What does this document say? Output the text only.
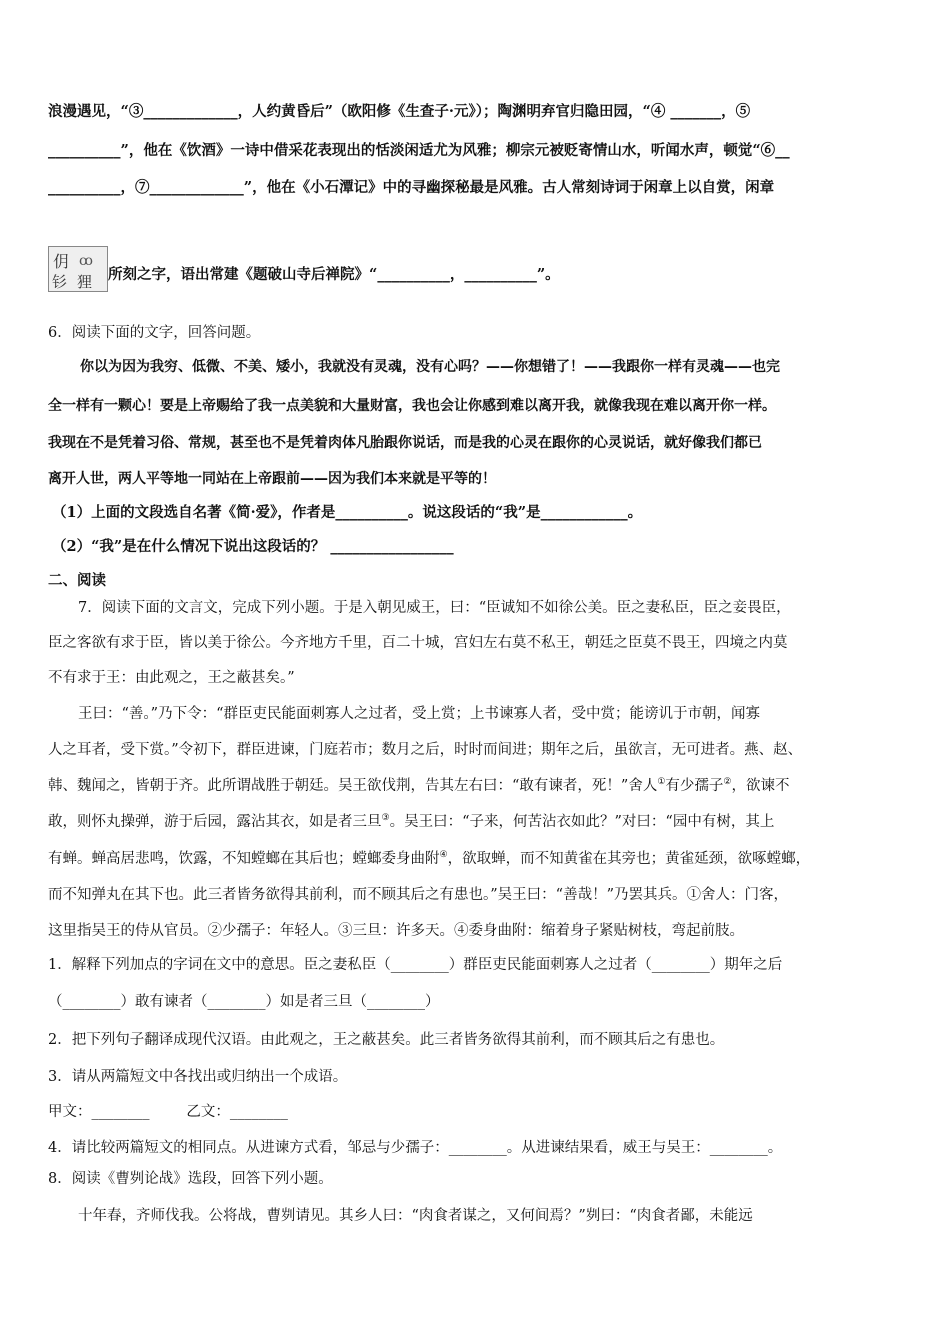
浪漫遇见，“③_____________，人约黄昏后”（欧阳修《生查子·元》）；陶渊明弃官归隐田园，“④ _______，⑤
__________”，他在《饮酒》一诗中借采花表现出的恬淡闲适尤为风雅；柳宗元被贬寄情山水，听闻水声，顿觉“⑥__
__________，⑦_____________”，他在《小石潭记》中的寻幽探秘最是风雅。古人常刻诗词于闲章上以自赏，闲章
仴 ꝏ
钐 狸 所刻之字，语出常建《题破山寺后禅院》“__________，__________”。
6．阅读下面的文字，回答问题。
你以为因为我穷、低微、不美、矮小，我就没有灵魂，没有心吗？——你想错了！——我跟你一样有灵魂——也完
全一样有一颗心！要是上帝赐给了我一点美貌和大量财富，我也会让你感到难以离开我，就像我现在难以离开你一样。
我现在不是凭着习俗、常规，甚至也不是凭着肉体凡胎跟你说话，而是我的心灵在跟你的心灵说话，就好像我们都已
离开人世，两人平等地一同站在上帝跟前——因为我们本来就是平等的！
（1）上面的文段选自名著《简·爱》，作者是__________。说这段话的“我”是____________。
（2）“我”是在什么情况下说出这段话的？ _________________
二、阅读
7．阅读下面的文言文，完成下列小题。于是入朝见威王，曰：“臣诚知不如徐公美。臣之妻私臣，臣之妾畏臣，
臣之客欲有求于臣，皆以美于徐公。今齐地方千里，百二十城，宫妇左右莫不私王，朝廷之臣莫不畏王，四境之内莫
不有求于王：由此观之，王之蔽甚矣。”
王曰：“善。”乃下令：“群臣吏民能面刺寡人之过者，受上赏；上书谏寡人者，受中赏；能谤讥于市朝，闻寡
人之耳者，受下赏。”令初下，群臣进谏，门庭若市；数月之后，时时而间进；期年之后，虽欲言，无可进者。燕、赵、
韩、魏闻之，皆朝于齐。此所谓战胜于朝廷。吴王欲伐荆，告其左右曰：“敢有谏者，死！”舍人①有少孺子②，欲谏不
敢，则怀丸操弹，游于后园，露沾其衣，如是者三旦③。吴王曰：“子来，何苦沾衣如此？”对曰：“园中有树，其上
有蝉。蝉高居悲鸣，饮露，不知螳螂在其后也；螳螂委身曲附④，欲取蝉，而不知黄雀在其旁也；黄雀延颈，欲啄螳螂，
而不知弹丸在其下也。此三者皆务欲得其前利，而不顾其后之有患也。”吴王曰：“善哉！”乃罢其兵。①舍人：门客，
这里指吴王的侍从官员。②少孺子：年轻人。③三旦：许多天。④委身曲附：缩着身子紧贴树枝，弯起前肢。
1．解释下列加点的字词在文中的意思。臣之妻私臣（________）群臣吏民能面刺寡人之过者（________）期年之后
（________）敢有谏者（________）如是者三旦（________）
2．把下列句子翻译成现代汉语。由此观之，王之蔽甚矣。此三者皆务欲得其前利，而不顾其后之有患也。
3．请从两篇短文中各找出或归纳出一个成语。
甲文：________        乙文：________
4．请比较两篇短文的相同点。从进谏方式看，邹忌与少孺子：________。从进谏结果看，威王与吴王：________。
8．阅读《曹刿论战》选段，回答下列小题。
十年春，齐师伐我。公将战，曹刿请见。其乡人曰：“肉食者谋之，又何间焉？”刿曰：“肉食者鄙，未能远
